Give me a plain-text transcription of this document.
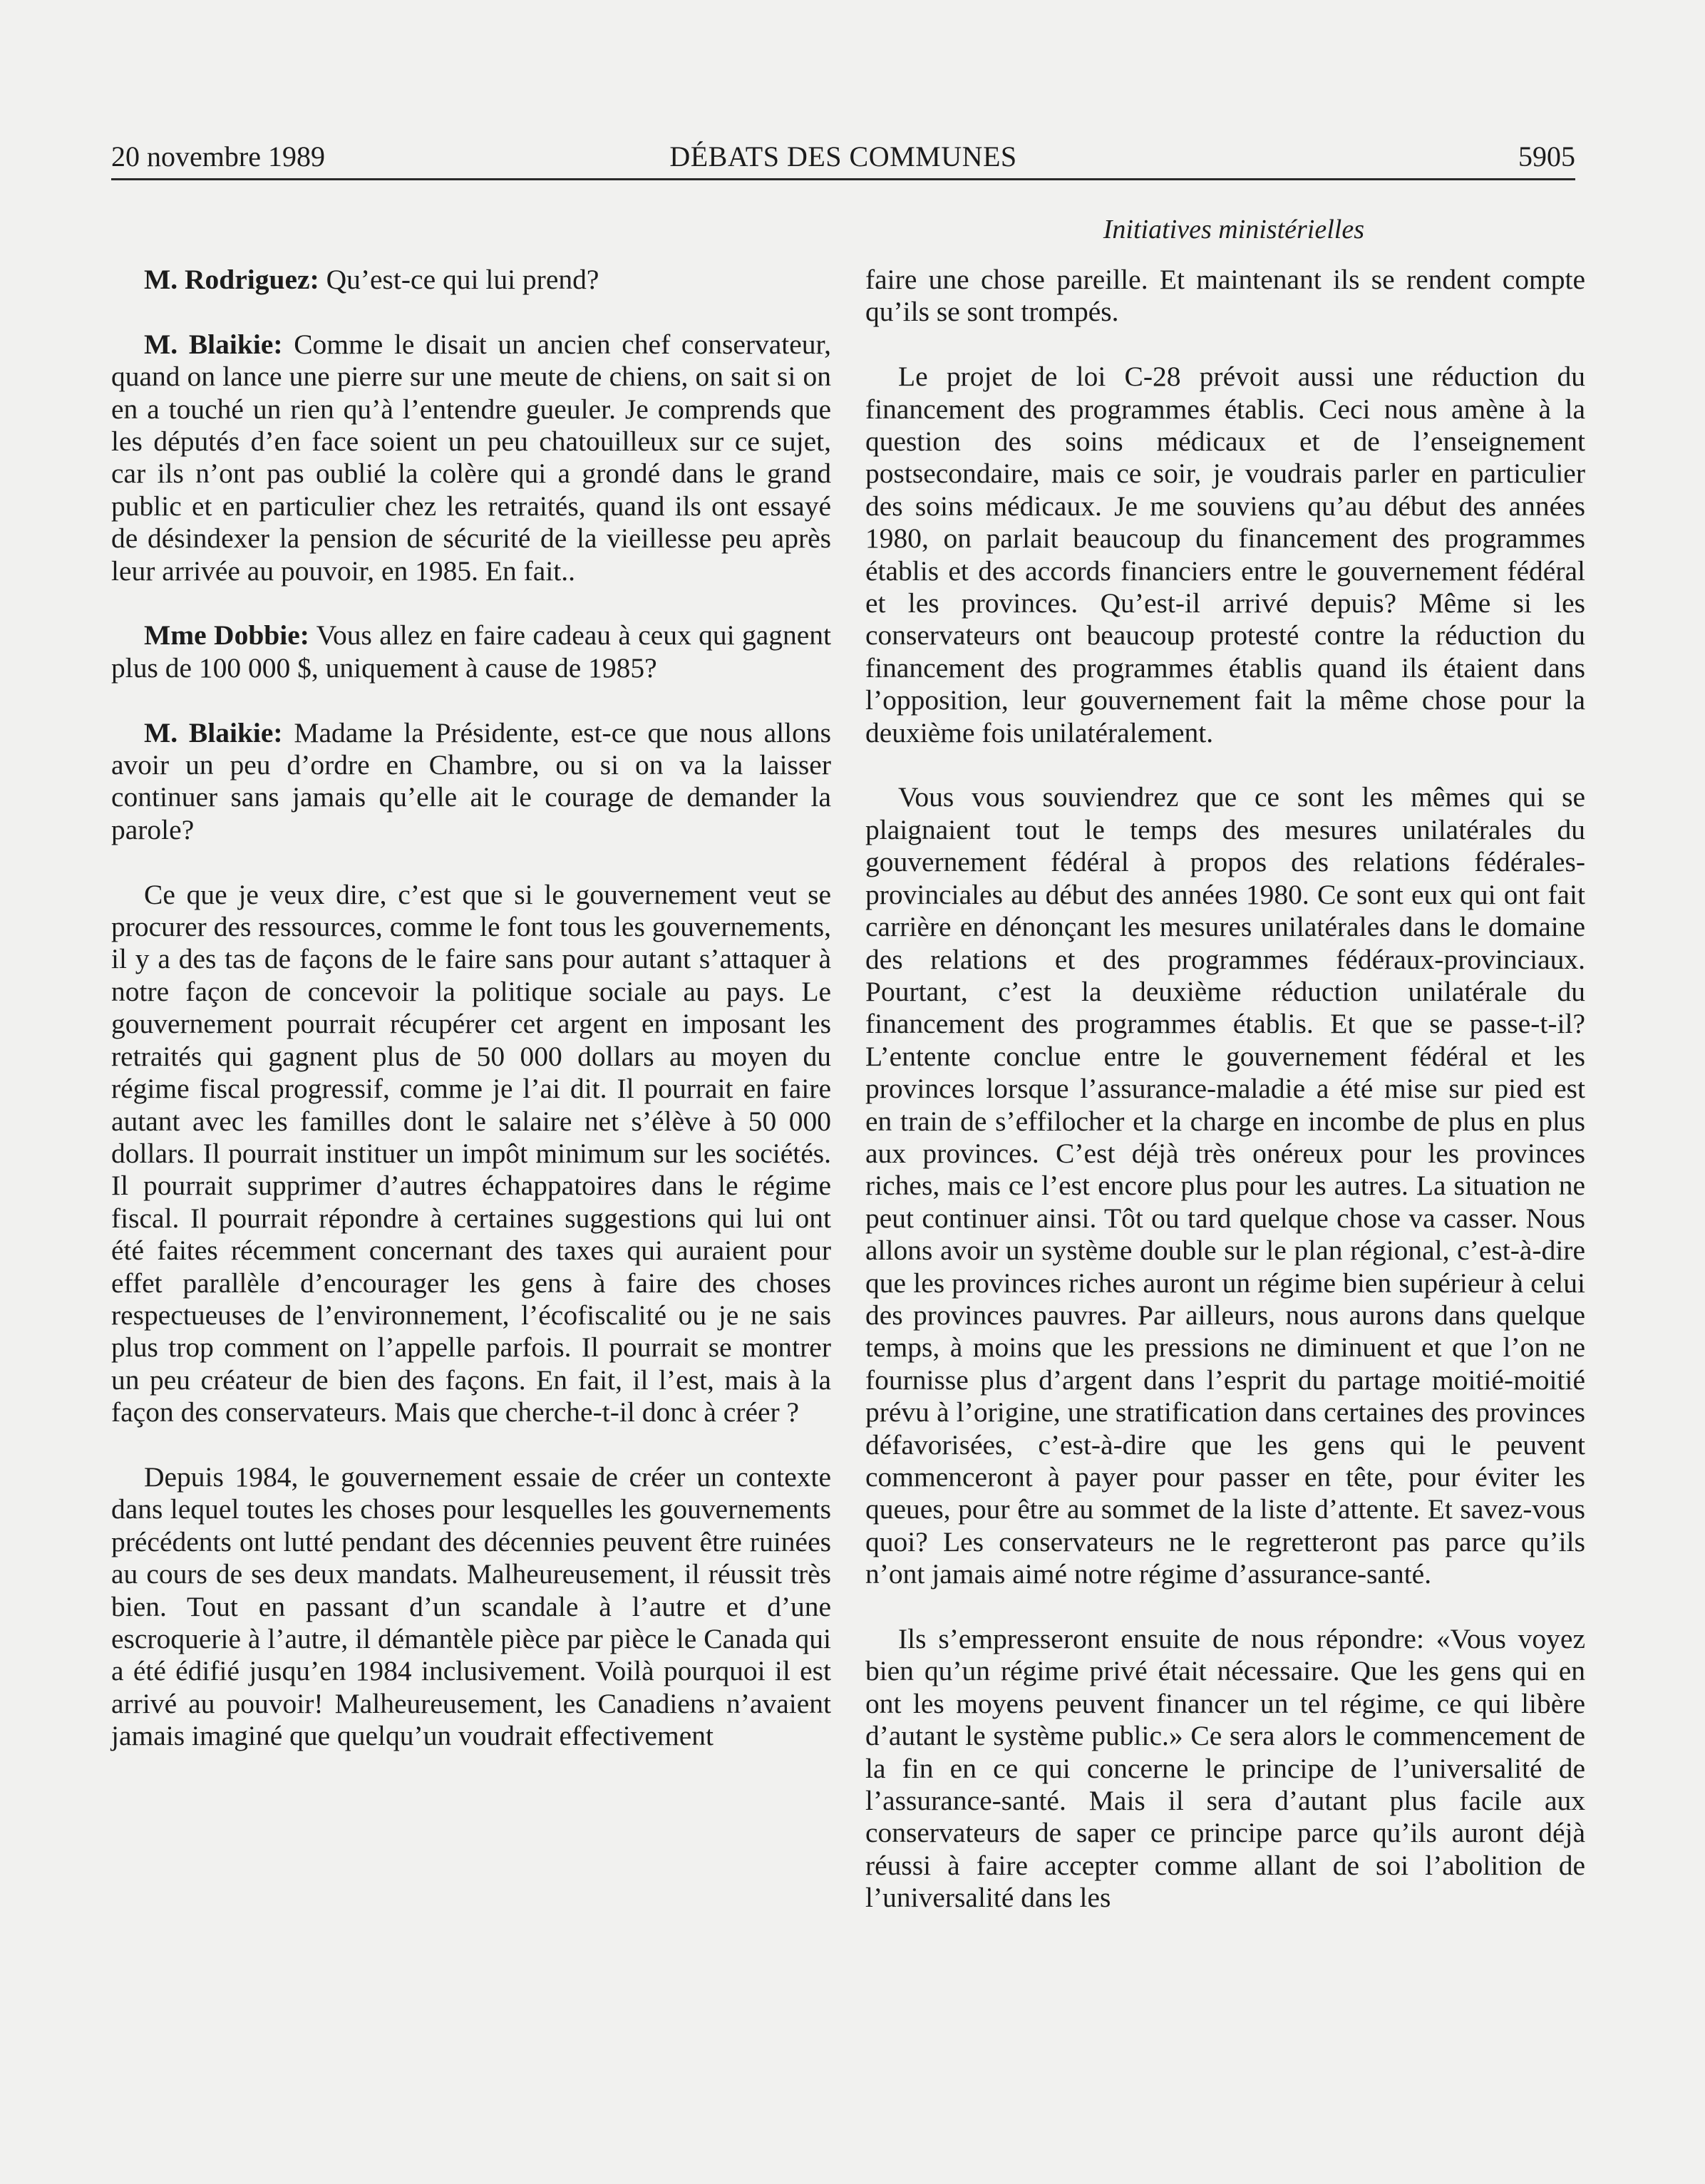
20 novembre 1989	DÉBATS DES COMMUNES	5905
Initiatives ministérielles

M. Rodriguez: Qu’est-ce qui lui prend?

M. Blaikie: Comme le disait un ancien chef conservateur, quand on lance une pierre sur une meute de chiens, on sait si on en a touché un rien qu’à l’entendre gueuler. Je comprends que les députés d’en face soient un peu chatouilleux sur ce sujet, car ils n’ont pas oublié la colère qui a grondé dans le grand public et en particulier chez les retraités, quand ils ont essayé de désindexer la pension de sécurité de la vieillesse peu après leur arrivée au pouvoir, en 1985. En fait..

Mme Dobbie: Vous allez en faire cadeau à ceux qui gagnent plus de 100 000 $, uniquement à cause de 1985?

M. Blaikie: Madame la Présidente, est-ce que nous allons avoir un peu d’ordre en Chambre, ou si on va la laisser continuer sans jamais qu’elle ait le courage de demander la parole?

Ce que je veux dire, c’est que si le gouvernement veut se procurer des ressources, comme le font tous les gouvernements, il y a des tas de façons de le faire sans pour autant s’attaquer à notre façon de concevoir la politique sociale au pays. Le gouvernement pourrait récupérer cet argent en imposant les retraités qui gagnent plus de 50 000 dollars au moyen du régime fiscal progressif, comme je l’ai dit. Il pourrait en faire autant avec les familles dont le salaire net s’élève à 50 000 dollars. Il pourrait instituer un impôt minimum sur les sociétés. Il pourrait supprimer d’autres échappatoires dans le régime fiscal. Il pourrait répondre à certaines suggestions qui lui ont été faites récemment concernant des taxes qui auraient pour effet parallèle d’encourager les gens à faire des choses respectueuses de l’environnement, l’écofiscalité ou je ne sais plus trop comment on l’appelle parfois. Il pourrait se montrer un peu créateur de bien des façons. En fait, il l’est, mais à la façon des conservateurs. Mais que cherche-t-il donc à créer ?

Depuis 1984, le gouvernement essaie de créer un contexte dans lequel toutes les choses pour lesquelles les gouvernements précédents ont lutté pendant des décennies peuvent être ruinées au cours de ses deux mandats. Malheureusement, il réussit très bien. Tout en passant d’un scandale à l’autre et d’une escroquerie à l’autre, il démantèle pièce par pièce le Canada qui a été édifié jusqu’en 1984 inclusivement. Voilà pourquoi il est arrivé au pouvoir! Malheureusement, les Canadiens n’avaient jamais imaginé que quelqu’un voudrait effectivement

faire une chose pareille. Et maintenant ils se rendent compte qu’ils se sont trompés.

Le projet de loi C-28 prévoit aussi une réduction du financement des programmes établis. Ceci nous amène à la question des soins médicaux et de l’enseignement postsecondaire, mais ce soir, je voudrais parler en particulier des soins médicaux. Je me souviens qu’au début des années 1980, on parlait beaucoup du financement des programmes établis et des accords financiers entre le gouvernement fédéral et les provinces. Qu’est-il arrivé depuis? Même si les conservateurs ont beaucoup protesté contre la réduction du financement des programmes établis quand ils étaient dans l’opposition, leur gouvernement fait la même chose pour la deuxième fois unilatéralement.

Vous vous souviendrez que ce sont les mêmes qui se plaignaient tout le temps des mesures unilatérales du gouvernement fédéral à propos des relations fédérales-provinciales au début des années 1980. Ce sont eux qui ont fait carrière en dénonçant les mesures unilatérales dans le domaine des relations et des programmes fédéraux-provinciaux. Pourtant, c’est la deuxième réduction unilatérale du financement des programmes établis. Et que se passe-t-il? L’entente conclue entre le gouvernement fédéral et les provinces lorsque l’assurance-maladie a été mise sur pied est en train de s’effilocher et la charge en incombe de plus en plus aux provinces. C’est déjà très onéreux pour les provinces riches, mais ce l’est encore plus pour les autres. La situation ne peut continuer ainsi. Tôt ou tard quelque chose va casser. Nous allons avoir un système double sur le plan régional, c’est-à-dire que les provinces riches auront un régime bien supérieur à celui des provinces pauvres. Par ailleurs, nous aurons dans quelque temps, à moins que les pressions ne diminuent et que l’on ne fournisse plus d’argent dans l’esprit du partage moitié-moitié prévu à l’origine, une stratification dans certaines des provinces défavorisées, c’est-à-dire que les gens qui le peuvent commenceront à payer pour passer en tête, pour éviter les queues, pour être au sommet de la liste d’attente. Et savez-vous quoi? Les conservateurs ne le regretteront pas parce qu’ils n’ont jamais aimé notre régime d’assurance-santé.

Ils s’empresseront ensuite de nous répondre: «Vous voyez bien qu’un régime privé était nécessaire. Que les gens qui en ont les moyens peuvent financer un tel régime, ce qui libère d’autant le système public.» Ce sera alors le commencement de la fin en ce qui concerne le principe de l’universalité de l’assurance-santé. Mais il sera d’autant plus facile aux conservateurs de saper ce principe parce qu’ils auront déjà réussi à faire accepter comme allant de soi l’abolition de l’universalité dans les
